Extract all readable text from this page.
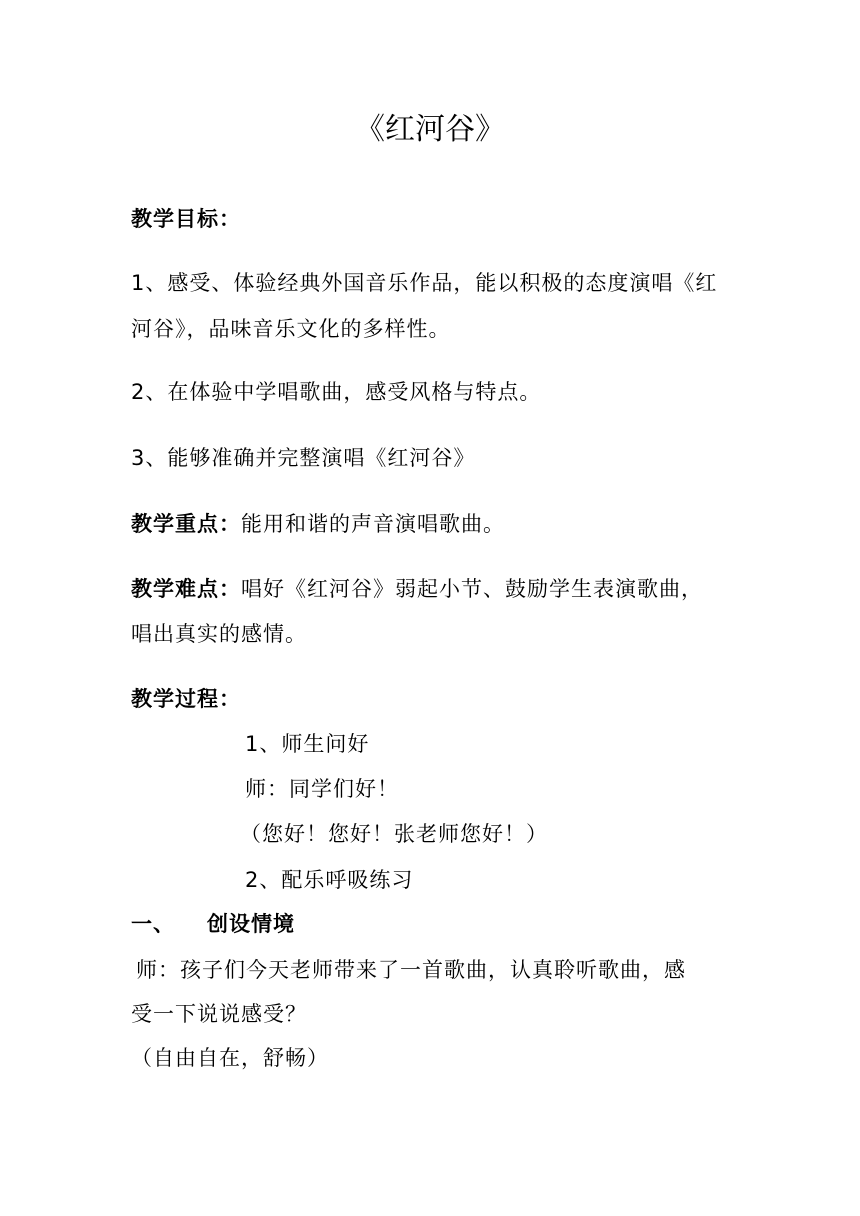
《红河谷》
教学目标：
1、感受、体验经典外国音乐作品，能以积极的态度演唱《红
河谷》，品味音乐文化的多样性。
2、在体验中学唱歌曲，感受风格与特点。
3、能够准确并完整演唱《红河谷》
教学重点：能用和谐的声音演唱歌曲。
教学难点：唱好《红河谷》弱起小节、鼓励学生表演歌曲，
唱出真实的感情。
教学过程：
1、师生问好
师：同学们好！
（您好！您好！张老师您好！）
2、配乐呼吸练习
一、 创设情境
师：孩子们今天老师带来了一首歌曲，认真聆听歌曲，感
受一下说说感受？
（自由自在，舒畅）
